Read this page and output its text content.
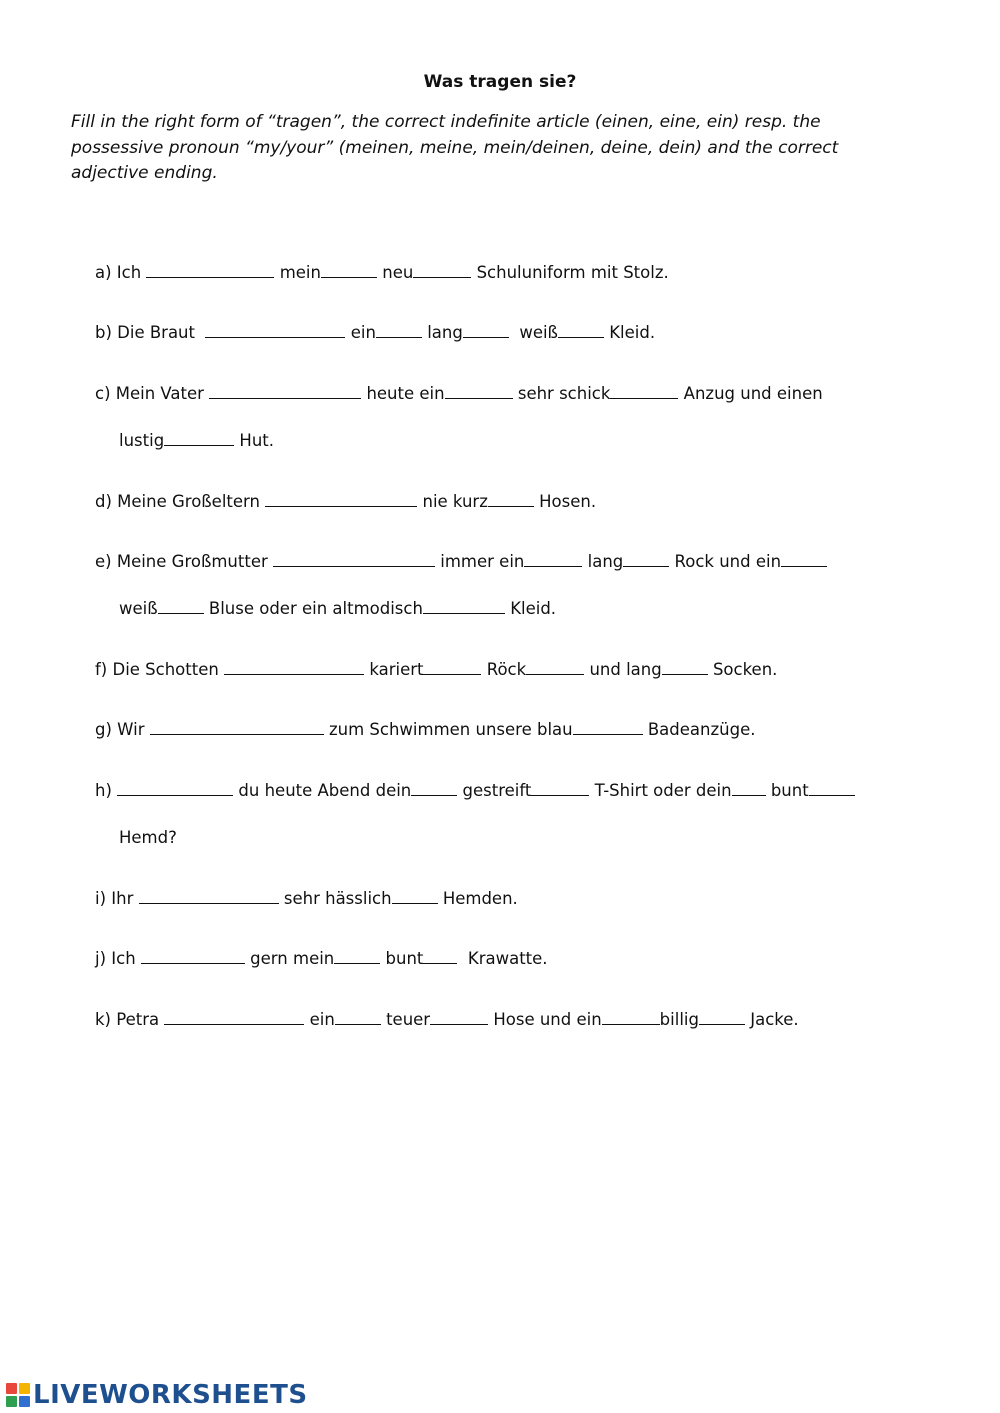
Was tragen sie?
Fill in the right form of “tragen”, the correct indefinite article (einen, eine, ein) resp. the possessive pronoun “my/your” (meinen, meine, mein/deinen, deine, dein) and the correct adjective ending.
a) Ich	mein	neu	Schuluniform mit Stolz.
b) Die Braut	ein	lang	weiß	Kleid.
c) Mein Vater	heute ein	sehr schick	Anzug und einen
lustig	Hut.
d) Meine Großeltern	nie kurz	Hosen.
e) Meine Großmutter	immer ein	lang	Rock und ein
weiß	Bluse oder ein altmodisch	Kleid.
f) Die Schotten	kariert	Röck	und lang	Socken.
g) Wir	zum Schwimmen unsere blau	Badeanzüge.
h)	du heute Abend dein	gestreift	T-Shirt oder dein bunt
Hemd?
i) Ihr	sehr hässlich	Hemden.
j) Ich	gern mein	bunt	Krawatte.
k) Petra	ein	teuer	Hose und ein	billig	Jacke.
LIVEWORKSHEETS
